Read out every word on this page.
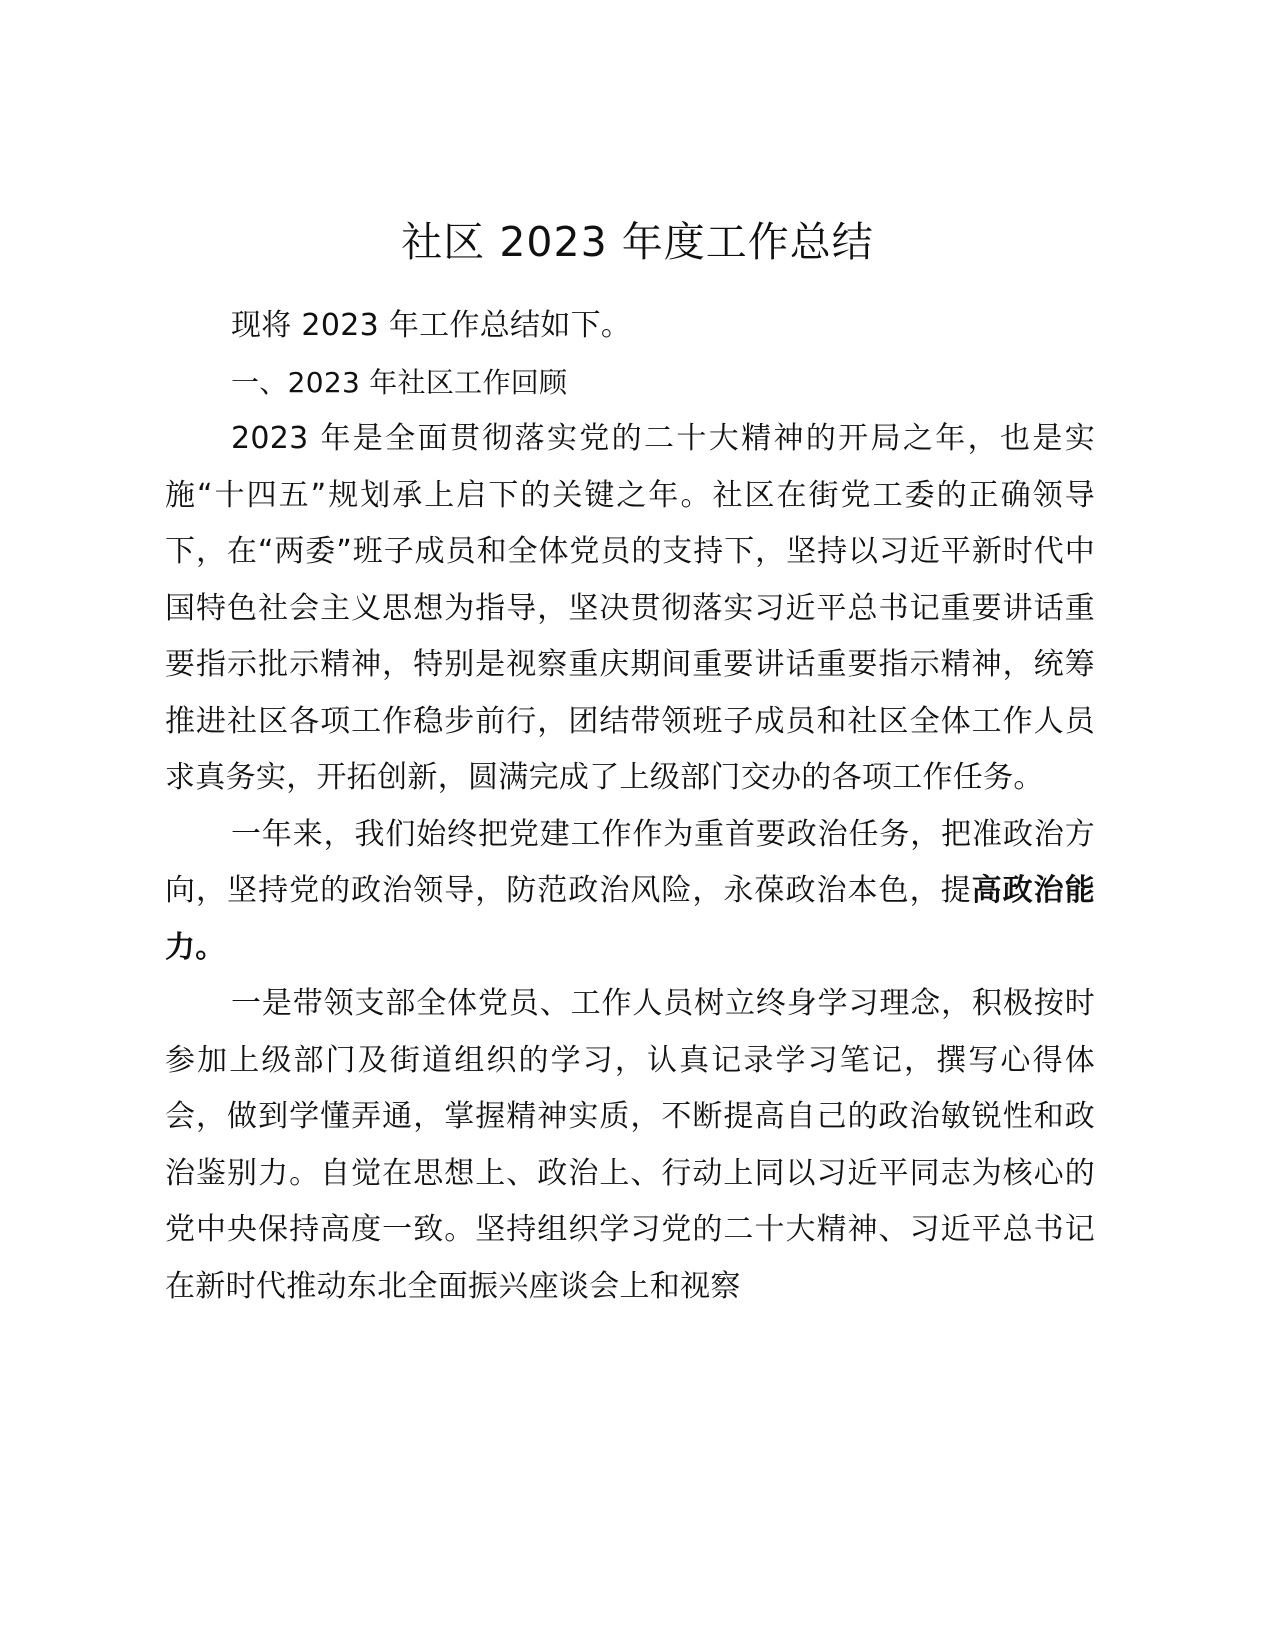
社区 2023 年度工作总结

现将 2023 年工作总结如下。

一、2023 年社区工作回顾

2023 年是全面贯彻落实党的二十大精神的开局之年，也是实施“十四五”规划承上启下的关键之年。社区在街党工委的正确领导下，在“两委”班子成员和全体党员的支持下，坚持以习近平新时代中国特色社会主义思想为指导，坚决贯彻落实习近平总书记重要讲话重要指示批示精神，特别是视察重庆期间重要讲话重要指示精神，统筹推进社区各项工作稳步前行，团结带领班子成员和社区全体工作人员求真务实，开拓创新，圆满完成了上级部门交办的各项工作任务。

一年来，我们始终把党建工作作为重首要政治任务，把准政治方向，坚持党的政治领导，防范政治风险，永葆政治本色，提高政治能力。

一是带领支部全体党员、工作人员树立终身学习理念，积极按时参加上级部门及街道组织的学习，认真记录学习笔记，撰写心得体会，做到学懂弄通，掌握精神实质，不断提高自己的政治敏锐性和政治鉴别力。自觉在思想上、政治上、行动上同以习近平同志为核心的党中央保持高度一致。坚持组织学习党的二十大精神、习近平总书记在新时代推动东北全面振兴座谈会上和视察
